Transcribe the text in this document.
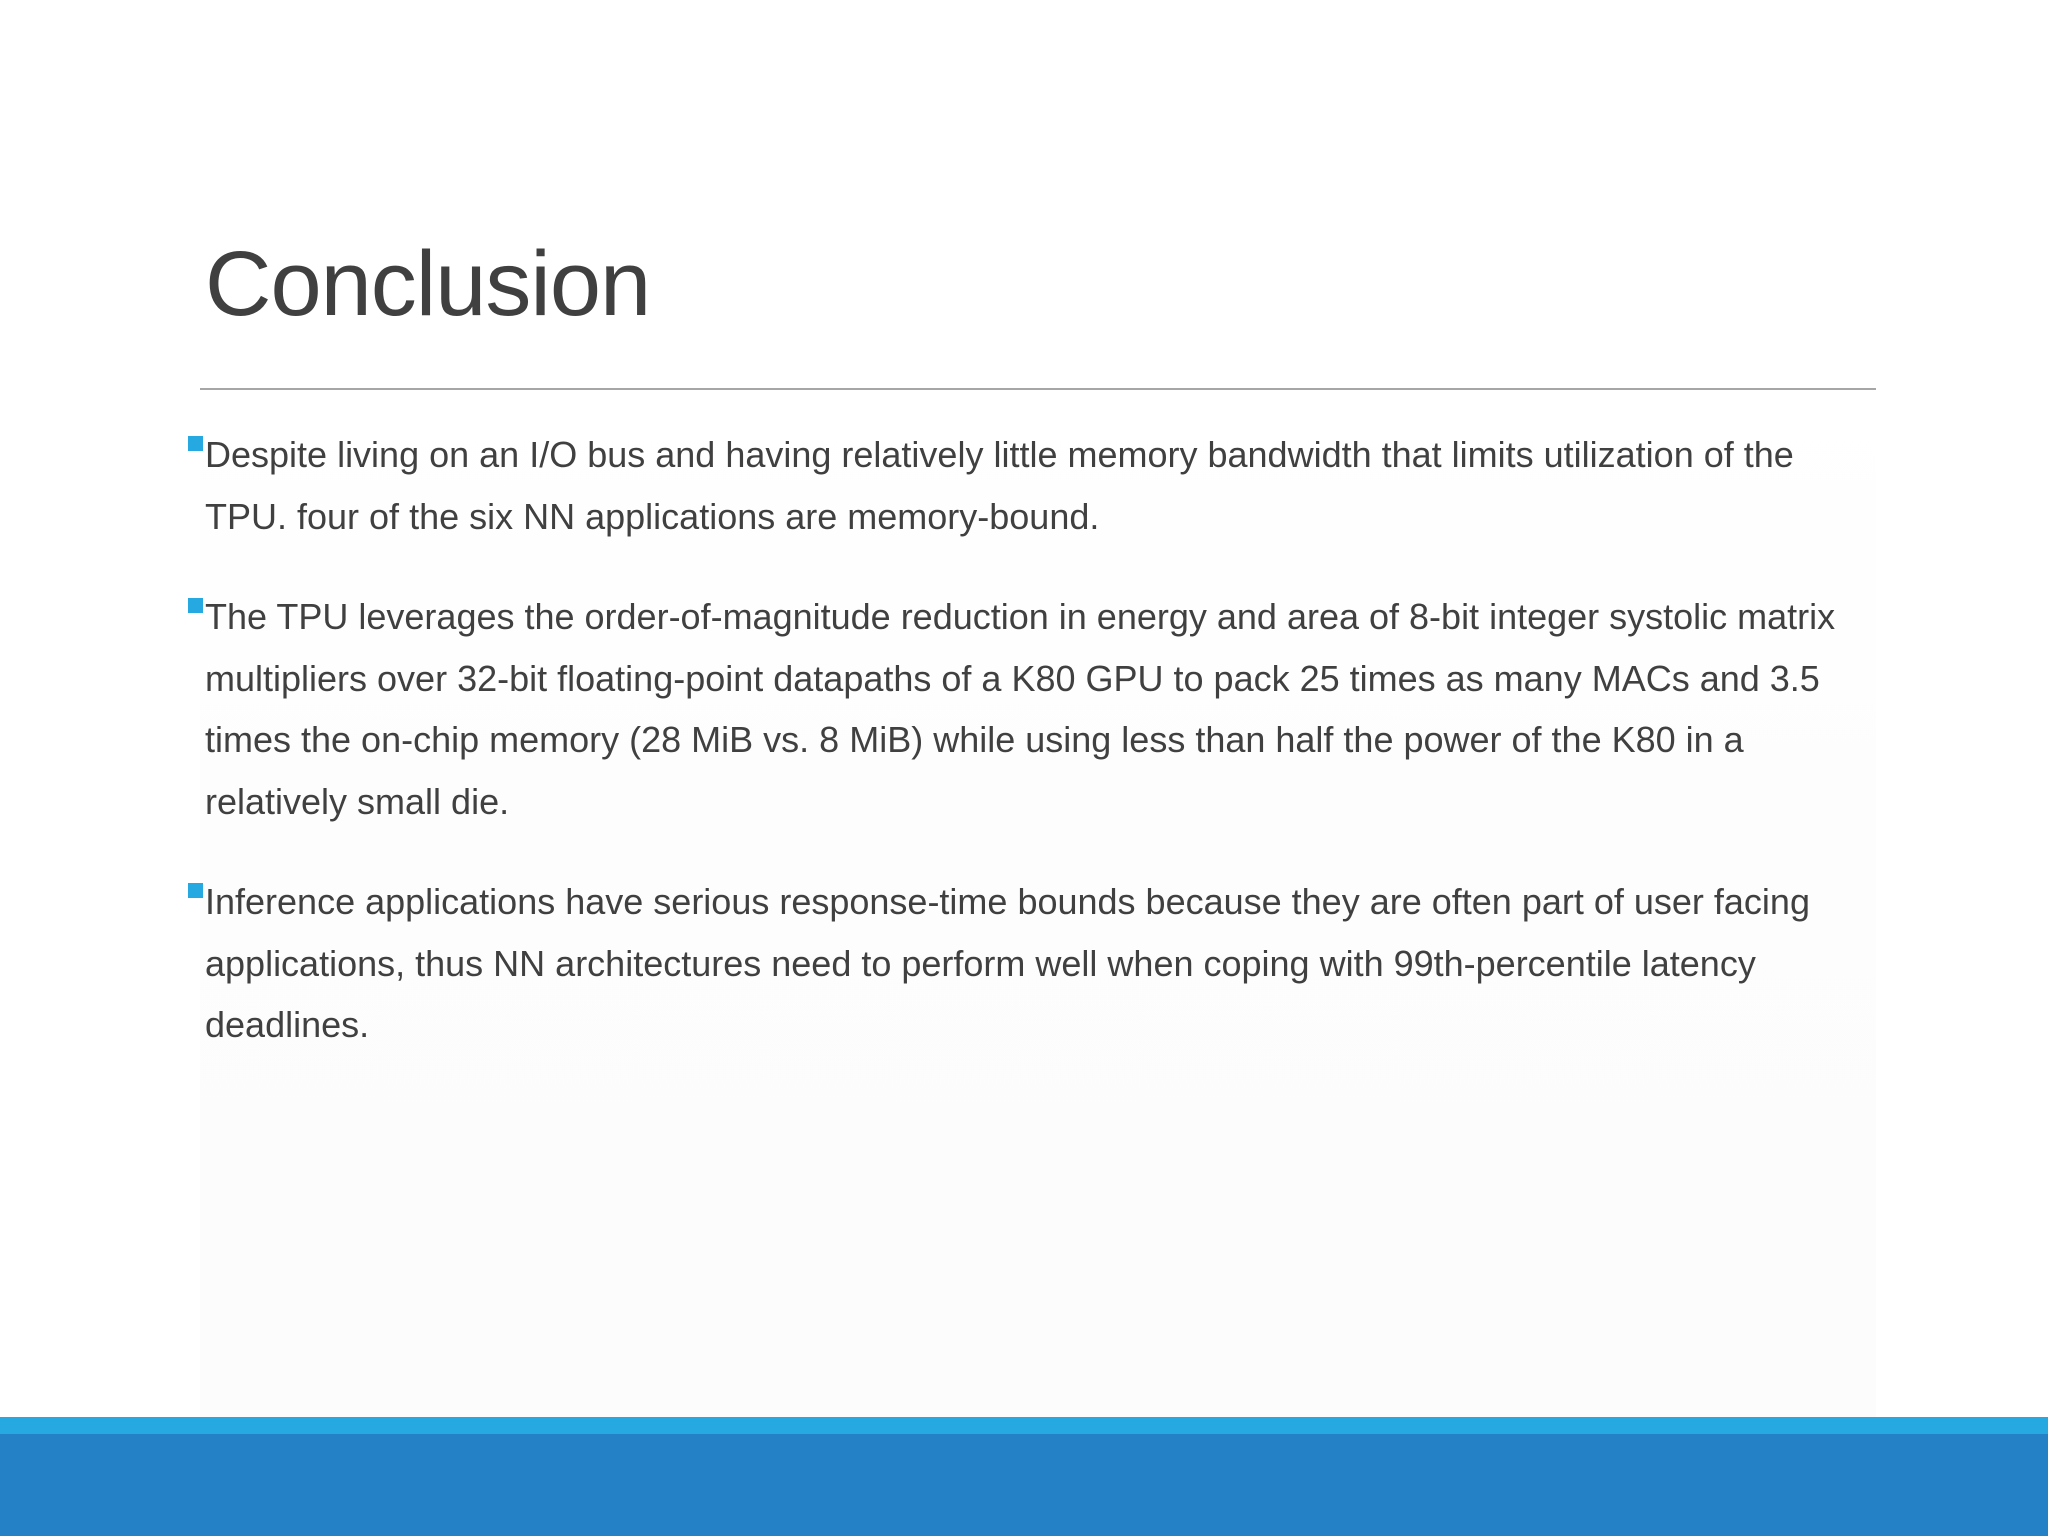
Conclusion
Despite living on an I/O bus and having relatively little memory bandwidth that limits utilization of the TPU. four of the six NN applications are memory-bound.
The TPU leverages the order-of-magnitude reduction in energy and area of 8-bit integer systolic matrix multipliers over 32-bit floating-point datapaths of a K80 GPU to pack 25 times as many MACs and 3.5 times the on-chip memory (28 MiB vs. 8 MiB) while using less than half the power of the K80 in a relatively small die.
Inference applications have serious response-time bounds because they are often part of user facing applications, thus NN architectures need to perform well when coping with 99th-percentile latency deadlines.
